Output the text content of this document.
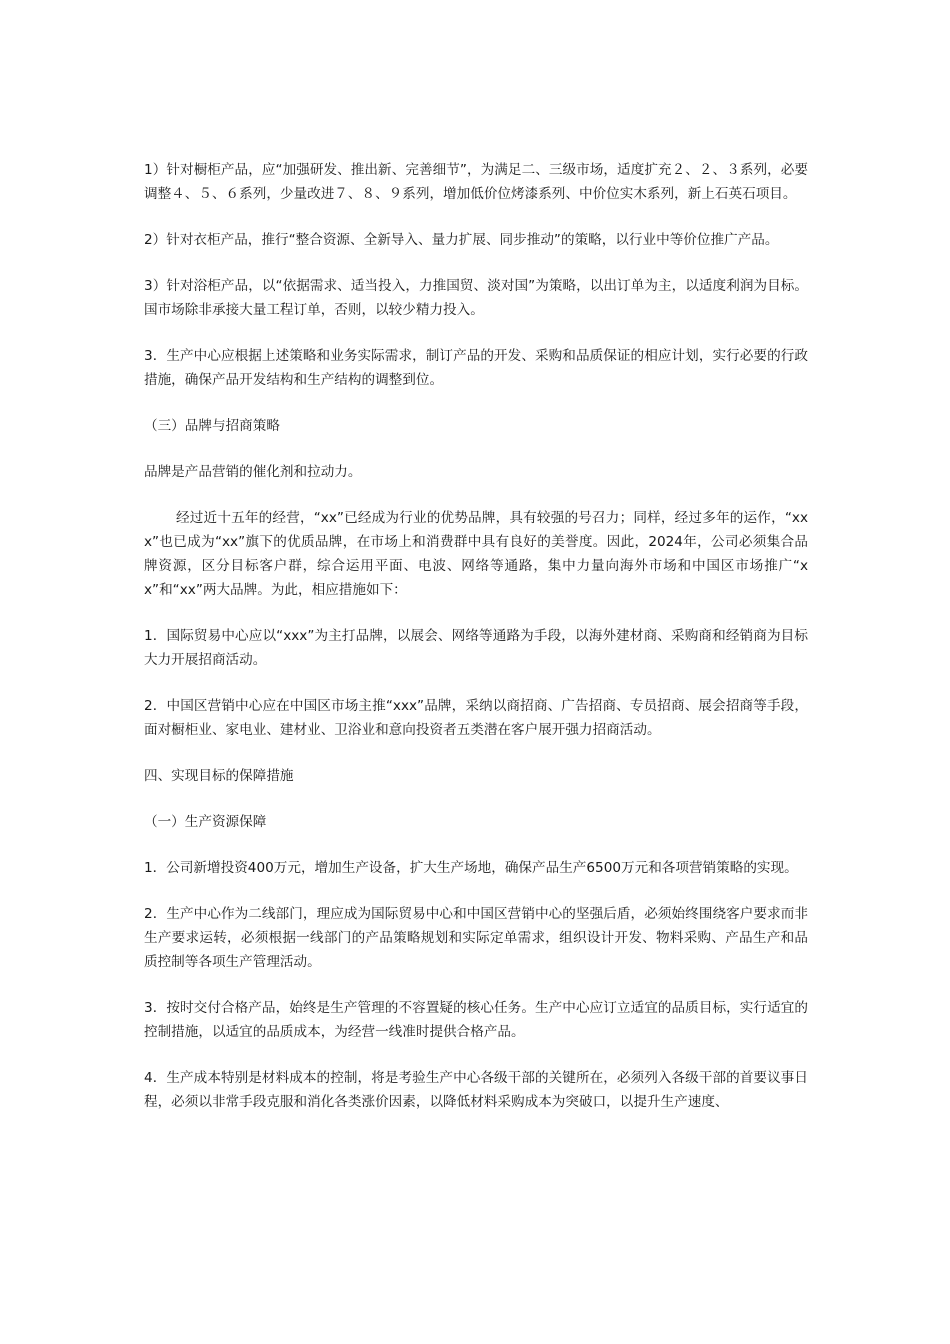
1）针对橱柜产品，应“加强研发、推出新、完善细节”，为满足二、三级市场，适度扩充２、２、３系列，必要调整４、５、６系列，少量改进７、８、９系列，增加低价位烤漆系列、中价位实木系列，新上石英石项目。

2）针对衣柜产品，推行“整合资源、全新导入、量力扩展、同步推动”的策略，以行业中等价位推广产品。

3）针对浴柜产品，以“依据需求、适当投入，力推国贸、淡对国”为策略，以出订单为主，以适度利润为目标。国市场除非承接大量工程订单，否则，以较少精力投入。

3．生产中心应根据上述策略和业务实际需求，制订产品的开发、采购和品质保证的相应计划，实行必要的行政措施，确保产品开发结构和生产结构的调整到位。

（三）品牌与招商策略

品牌是产品营销的催化剂和拉动力。

经过近十五年的经营，“xx”已经成为行业的优势品牌，具有较强的号召力；同样，经过多年的运作，“xxx”也已成为“xx”旗下的优质品牌，在市场上和消费群中具有良好的美誉度。因此，2024年，公司必须集合品牌资源，区分目标客户群，综合运用平面、电波、网络等通路，集中力量向海外市场和中国区市场推广“xx”和“xx”两大品牌。为此，相应措施如下：

1．国际贸易中心应以“xxx”为主打品牌，以展会、网络等通路为手段，以海外建材商、采购商和经销商为目标大力开展招商活动。

2．中国区营销中心应在中国区市场主推“xxx”品牌，采纳以商招商、广告招商、专员招商、展会招商等手段，面对橱柜业、家电业、建材业、卫浴业和意向投资者五类潜在客户展开强力招商活动。

四、实现目标的保障措施

（一）生产资源保障

1．公司新增投资400万元，增加生产设备，扩大生产场地，确保产品生产6500万元和各项营销策略的实现。

2．生产中心作为二线部门，理应成为国际贸易中心和中国区营销中心的坚强后盾，必须始终围绕客户要求而非生产要求运转，必须根据一线部门的产品策略规划和实际定单需求，组织设计开发、物料采购、产品生产和品质控制等各项生产管理活动。

3．按时交付合格产品，始终是生产管理的不容置疑的核心任务。生产中心应订立适宜的品质目标，实行适宜的控制措施，以适宜的品质成本，为经营一线准时提供合格产品。

4．生产成本特别是材料成本的控制，将是考验生产中心各级干部的关键所在，必须列入各级干部的首要议事日程，必须以非常手段克服和消化各类涨价因素，以降低材料采购成本为突破口，以提升生产速度、
